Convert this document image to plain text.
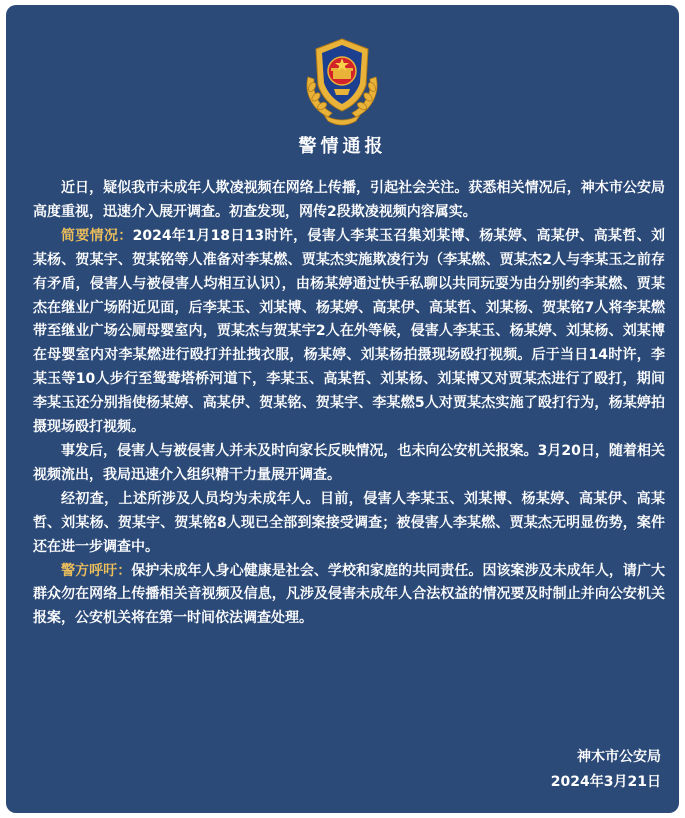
警情通报

近日，疑似我市未成年人欺凌视频在网络上传播，引起社会关注。获悉相关情况后，神木市公安局高度重视，迅速介入展开调查。初查发现，网传2段欺凌视频内容属实。

简要情况：2024年1月18日13时许，侵害人李某玉召集刘某博、杨某婷、高某伊、高某哲、刘某杨、贺某宇、贺某铭等人准备对李某燃、贾某杰实施欺凌行为（李某燃、贾某杰2人与李某玉之前存有矛盾，侵害人与被侵害人均相互认识），由杨某婷通过快手私聊以共同玩耍为由分别约李某燃、贾某杰在继业广场附近见面，后李某玉、刘某博、杨某婷、高某伊、高某哲、刘某杨、贺某铭7人将李某燃带至继业广场公厕母婴室内，贾某杰与贺某宇2人在外等候，侵害人李某玉、杨某婷、刘某杨、刘某博在母婴室内对李某燃进行殴打并扯拽衣服，杨某婷、刘某杨拍摄现场殴打视频。后于当日14时许，李某玉等10人步行至鸳鸯塔桥河道下，李某玉、高某哲、刘某杨、刘某博又对贾某杰进行了殴打，期间李某玉还分别指使杨某婷、高某伊、贺某铭、贺某宇、李某燃5人对贾某杰实施了殴打行为，杨某婷拍摄现场殴打视频。

事发后，侵害人与被侵害人并未及时向家长反映情况，也未向公安机关报案。3月20日，随着相关视频流出，我局迅速介入组织精干力量展开调查。

经初查，上述所涉及人员均为未成年人。目前，侵害人李某玉、刘某博、杨某婷、高某伊、高某哲、刘某杨、贺某宇、贺某铭8人现已全部到案接受调查；被侵害人李某燃、贾某杰无明显伤势，案件还在进一步调查中。

警方呼吁：保护未成年人身心健康是社会、学校和家庭的共同责任。因该案涉及未成年人，请广大群众勿在网络上传播相关音视频及信息，凡涉及侵害未成年人合法权益的情况要及时制止并向公安机关报案，公安机关将在第一时间依法调查处理。

神木市公安局
2024年3月21日
